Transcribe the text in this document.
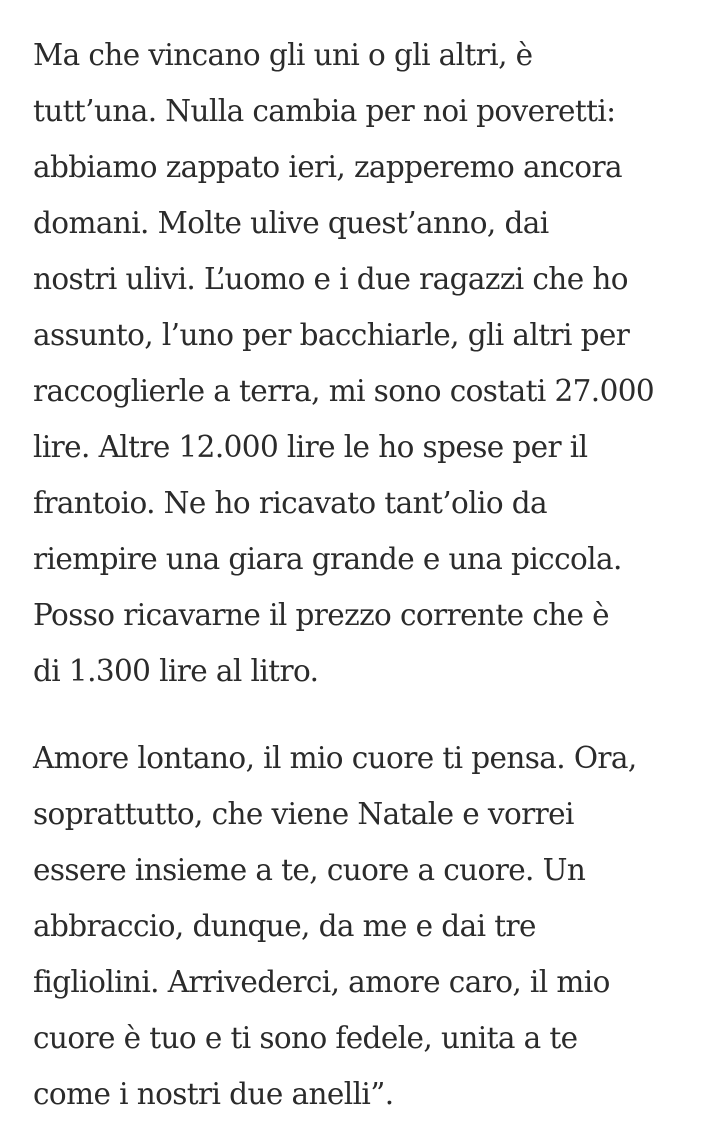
Ma che vincano gli uni o gli altri, è
tutt’una. Nulla cambia per noi poveretti:
abbiamo zappato ieri, zapperemo ancora
domani. Molte ulive quest’anno, dai
nostri ulivi. L’uomo e i due ragazzi che ho
assunto, l’uno per bacchiarle, gli altri per
raccoglierle a terra, mi sono costati 27.000
lire. Altre 12.000 lire le ho spese per il
frantoio. Ne ho ricavato tant’olio da
riempire una giara grande e una piccola.
Posso ricavarne il prezzo corrente che è
di 1.300 lire al litro.

Amore lontano, il mio cuore ti pensa. Ora,
soprattutto, che viene Natale e vorrei
essere insieme a te, cuore a cuore. Un
abbraccio, dunque, da me e dai tre
figliolini. Arrivederci, amore caro, il mio
cuore è tuo e ti sono fedele, unita a te
come i nostri due anelli”.
